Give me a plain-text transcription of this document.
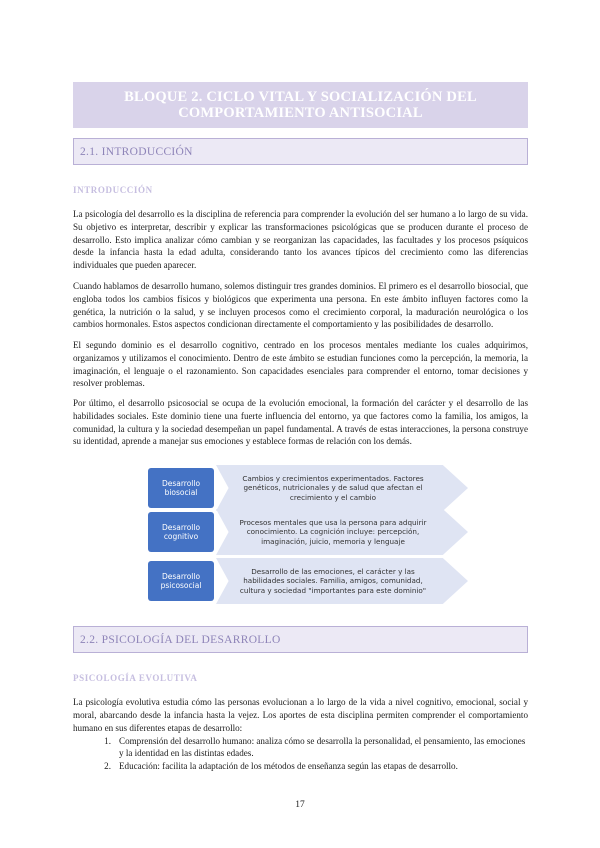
BLOQUE 2. CICLO VITAL Y SOCIALIZACIÓN DEL COMPORTAMIENTO ANTISOCIAL
2.1. INTRODUCCIÓN
INTRODUCCIÓN

La psicología del desarrollo es la disciplina de referencia para comprender la evolución del ser humano a lo largo de su vida. Su objetivo es interpretar, describir y explicar las transformaciones psicológicas que se producen durante el proceso de desarrollo. Esto implica analizar cómo cambian y se reorganizan las capacidades, las facultades y los procesos psíquicos desde la infancia hasta la edad adulta, considerando tanto los avances típicos del crecimiento como las diferencias individuales que pueden aparecer.

Cuando hablamos de desarrollo humano, solemos distinguir tres grandes dominios. El primero es el desarrollo biosocial, que engloba todos los cambios físicos y biológicos que experimenta una persona. En este ámbito influyen factores como la genética, la nutrición o la salud, y se incluyen procesos como el crecimiento corporal, la maduración neurológica o los cambios hormonales. Estos aspectos condicionan directamente el comportamiento y las posibilidades de desarrollo.

El segundo dominio es el desarrollo cognitivo, centrado en los procesos mentales mediante los cuales adquirimos, organizamos y utilizamos el conocimiento. Dentro de este ámbito se estudian funciones como la percepción, la memoria, la imaginación, el lenguaje o el razonamiento. Son capacidades esenciales para comprender el entorno, tomar decisiones y resolver problemas.

Por último, el desarrollo psicosocial se ocupa de la evolución emocional, la formación del carácter y el desarrollo de las habilidades sociales. Este dominio tiene una fuerte influencia del entorno, ya que factores como la familia, los amigos, la comunidad, la cultura y la sociedad desempeñan un papel fundamental. A través de estas interacciones, la persona construye su identidad, aprende a manejar sus emociones y establece formas de relación con los demás.

Cambios y crecimientos experimentados. Factores genéticos, nutricionales y de salud que afectan el crecimiento y el cambio
Desarrollo biosocial
Procesos mentales que usa la persona para adquirir conocimiento. La cognición incluye: percepción, imaginación, juicio, memoria y lenguaje
Desarrollo cognitivo
Desarrollo de las emociones, el carácter y las habilidades sociales. Familia, amigos, comunidad, cultura y sociedad "importantes para este dominio"
Desarrollo psicosocial
2.2. PSICOLOGÍA DEL DESARROLLO
PSICOLOGÍA EVOLUTIVA

La psicología evolutiva estudia cómo las personas evolucionan a lo largo de la vida a nivel cognitivo, emocional, social y moral, abarcando desde la infancia hasta la vejez. Los aportes de esta disciplina permiten comprender el comportamiento humano en sus diferentes etapas de desarrollo:

1. Comprensión del desarrollo humano: analiza cómo se desarrolla la personalidad, el pensamiento, las emociones y la identidad en las distintas edades.
2. Educación: facilita la adaptación de los métodos de enseñanza según las etapas de desarrollo.
17
